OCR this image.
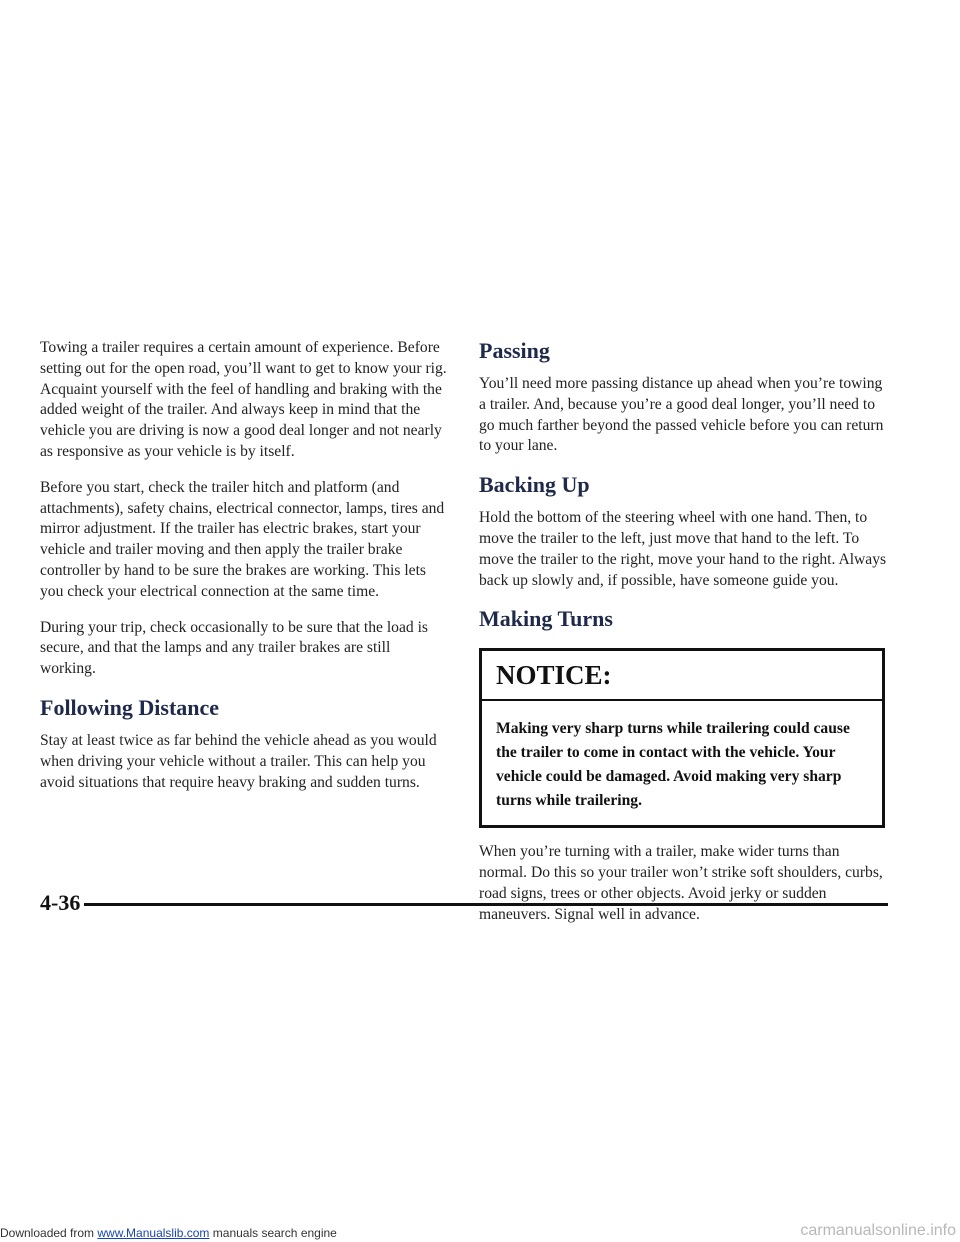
Towing a trailer requires a certain amount of experience. Before setting out for the open road, you’ll want to get to know your rig. Acquaint yourself with the feel of handling and braking with the added weight of the trailer. And always keep in mind that the vehicle you are driving is now a good deal longer and not nearly as responsive as your vehicle is by itself.

Before you start, check the trailer hitch and platform (and attachments), safety chains, electrical connector, lamps, tires and mirror adjustment. If the trailer has electric brakes, start your vehicle and trailer moving and then apply the trailer brake controller by hand to be sure the brakes are working. This lets you check your electrical connection at the same time.

During your trip, check occasionally to be sure that the load is secure, and that the lamps and any trailer brakes are still working.

Following Distance

Stay at least twice as far behind the vehicle ahead as you would when driving your vehicle without a trailer. This can help you avoid situations that require heavy braking and sudden turns.

Passing

You’ll need more passing distance up ahead when you’re towing a trailer. And, because you’re a good deal longer, you’ll need to go much farther beyond the passed vehicle before you can return to your lane.

Backing Up

Hold the bottom of the steering wheel with one hand. Then, to move the trailer to the left, just move that hand to the left. To move the trailer to the right, move your hand to the right. Always back up slowly and, if possible, have someone guide you.

Making Turns
NOTICE:
Making very sharp turns while trailering could cause the trailer to come in contact with the vehicle. Your vehicle could be damaged. Avoid making very sharp turns while trailering.

When you’re turning with a trailer, make wider turns than normal. Do this so your trailer won’t strike soft shoulders, curbs, road signs, trees or other objects. Avoid jerky or sudden maneuvers. Signal well in advance.

4-36
Downloaded from www.Manualslib.com manuals search engine	carmanualsonline.info
